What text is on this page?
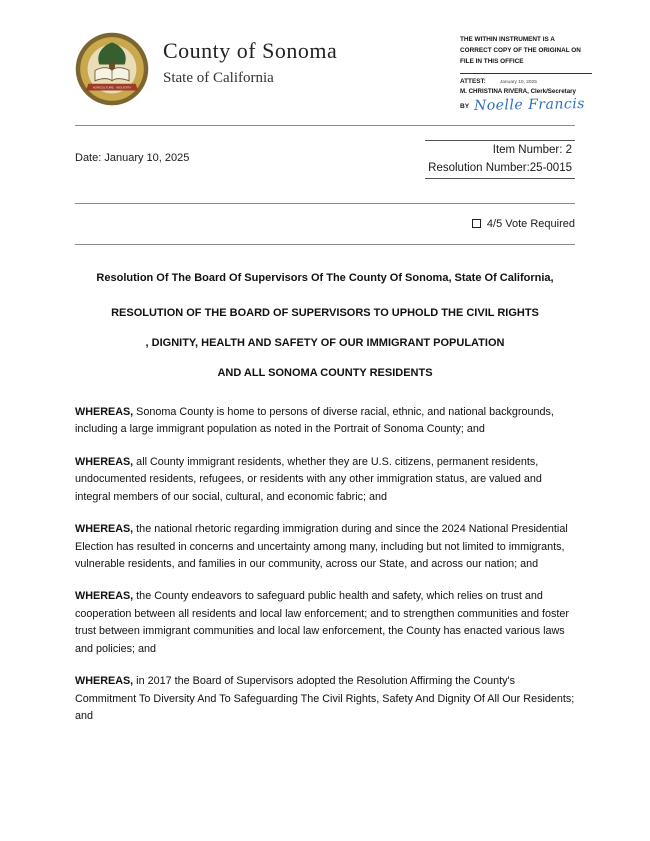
AGRICULTURE · INDUSTRY
County of Sonoma
State of California
THE WITHIN INSTRUMENT IS A
CORRECT COPY OF THE ORIGINAL ON
FILE IN THIS OFFICE
ATTEST:	January 10, 2025
M. CHRISTINA RIVERA, Clerk/Secretary
BY Noelle Francis
Date: January 10, 2025
Item Number: 2
Resolution Number:25-0015
4/5 Vote Required
Resolution Of The Board Of Supervisors Of The County Of Sonoma, State Of California,
RESOLUTION OF THE BOARD OF SUPERVISORS TO UPHOLD THE CIVIL RIGHTS
, DIGNITY, HEALTH AND SAFETY OF OUR IMMIGRANT POPULATION
AND ALL SONOMA COUNTY RESIDENTS

WHEREAS, Sonoma County is home to persons of diverse racial, ethnic, and national backgrounds, including a large immigrant population as noted in the Portrait of Sonoma County; and

WHEREAS, all County immigrant residents, whether they are U.S. citizens, permanent residents, undocumented residents, refugees, or residents with any other immigration status, are valued and integral members of our social, cultural, and economic fabric; and

WHEREAS, the national rhetoric regarding immigration during and since the 2024 National Presidential Election has resulted in concerns and uncertainty among many, including but not limited to immigrants, vulnerable residents, and families in our community, across our State, and across our nation; and

WHEREAS, the County endeavors to safeguard public health and safety, which relies on trust and cooperation between all residents and local law enforcement; and to strengthen communities and foster trust between immigrant communities and local law enforcement, the County has enacted various laws and policies; and

WHEREAS, in 2017 the Board of Supervisors adopted the Resolution Affirming the County's Commitment To Diversity And To Safeguarding The Civil Rights, Safety And Dignity Of All Our Residents; and
